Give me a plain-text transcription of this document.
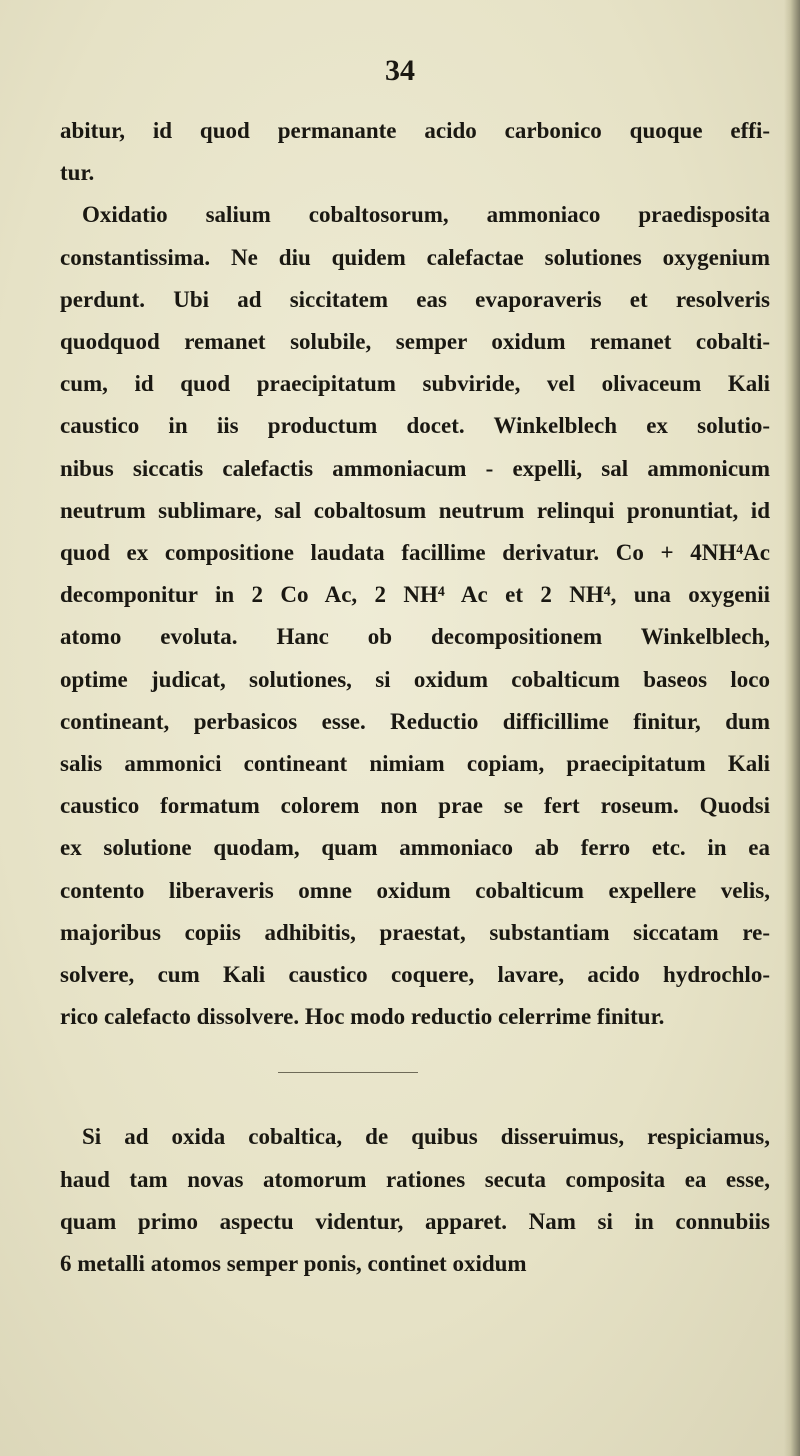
34
abitur, id quod permanante acido carbonico quoque effi-
tur.
Oxidatio salium cobaltosorum, ammoniaco praedisposita
constantissima. Ne diu quidem calefactae solutiones oxygenium
perdunt. Ubi ad siccitatem eas evaporaveris et resolveris
quodquod remanet solubile, semper oxidum remanet cobalti-
cum, id quod praecipitatum subviride, vel olivaceum Kali
caustico in iis productum docet. Winkelblech ex solutio-
nibus siccatis calefactis ammoniacum - expelli, sal ammonicum
neutrum sublimare, sal cobaltosum neutrum relinqui pronuntiat, id
quod ex compositione laudata facillime derivatur. Co + 4NH⁴Ac
decomponitur in 2 Co Ac, 2 NH⁴ Ac et 2 NH⁴, una oxygenii
atomo evoluta. Hanc ob decompositionem Winkelblech,
optime judicat, solutiones, si oxidum cobalticum baseos loco
contineant, perbasicos esse. Reductio difficillime finitur, dum
salis ammonici contineant nimiam copiam, praecipitatum Kali
caustico formatum colorem non prae se fert roseum. Quodsi
ex solutione quodam, quam ammoniaco ab ferro etc. in ea
contento liberaveris omne oxidum cobalticum expellere velis,
majoribus copiis adhibitis, praestat, substantiam siccatam re-
solvere, cum Kali caustico coquere, lavare, acido hydrochlo-
rico calefacto dissolvere. Hoc modo reductio celerrime finitur.
Si ad oxida cobaltica, de quibus disseruimus, respiciamus,
haud tam novas atomorum rationes secuta composita ea esse,
quam primo aspectu videntur, apparet. Nam si in connubiis
6 metalli atomos semper ponis, continet oxidum
